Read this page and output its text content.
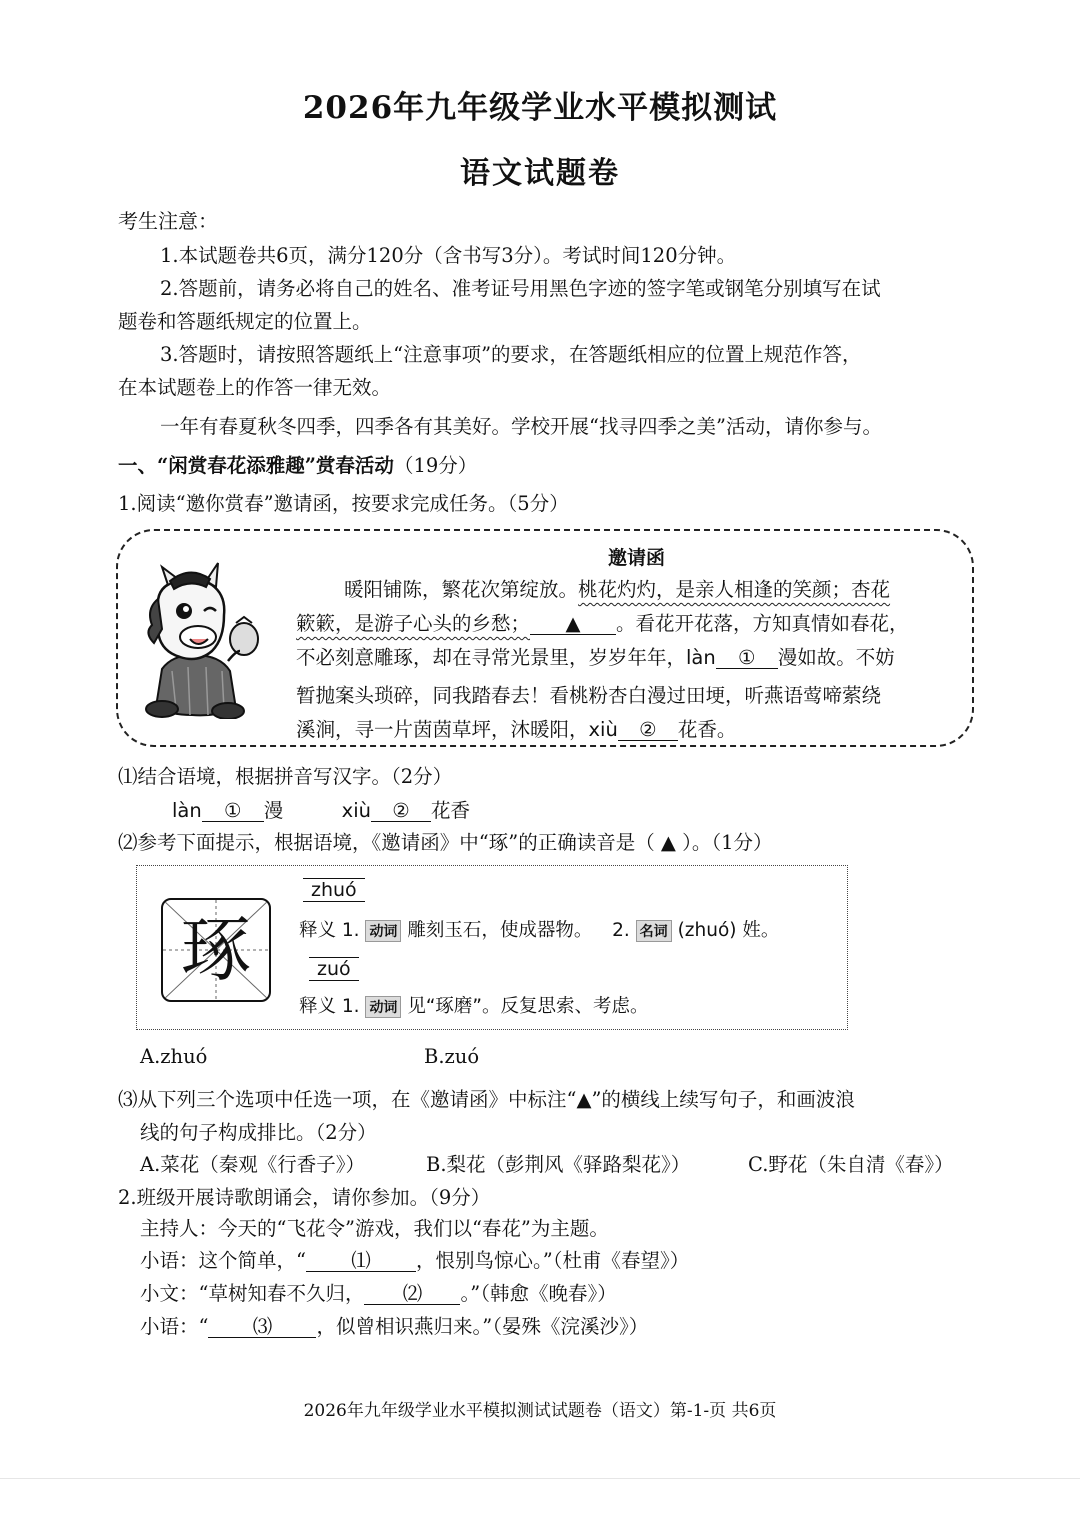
2026年九年级学业水平模拟测试
语文试题卷
考生注意：
1.本试题卷共6页，满分120分（含书写3分）。考试时间120分钟。
2.答题前，请务必将自己的姓名、准考证号用黑色字迹的签字笔或钢笔分别填写在试
题卷和答题纸规定的位置上。
3.答题时，请按照答题纸上“注意事项”的要求，在答题纸相应的位置上规范作答，
在本试题卷上的作答一律无效。
一年有春夏秋冬四季，四季各有其美好。学校开展“找寻四季之美”活动，请你参与。
一、“闲赏春花添雅趣”赏春活动（19分）
1.阅读“邀你赏春”邀请函，按要求完成任务。（5分）
邀请函
暖阳铺陈，繁花次第绽放。桃花灼灼，是亲人相逢的笑颜；杏花
簌簌，是游子心头的乡愁； ▲ 。看花开花落，方知真情如春花，
不必刻意雕琢，却在寻常光景里，岁岁年年，làn ① 漫如故。不妨
暂抛案头琐碎，同我踏春去！看桃粉杏白漫过田埂，听燕语莺啼萦绕
溪涧，寻一片茵茵草坪，沐暖阳，xiù ② 花香。
⑴结合语境，根据拼音写汉字。（2分）
làn ① 漫	xiù ② 花香
⑵参考下面提示，根据语境，《邀请函》中“琢”的正确读音是（ ▲ ）。（1分）
琢
zhuó
释义 1. 动词 雕刻玉石，使成器物。 2. 名词 (zhuó) 姓。
zuó
释义 1. 动词 见“琢磨”。反复思索、考虑。
A.zhuó	B.zuó
⑶从下列三个选项中任选一项，在《邀请函》中标注“▲”的横线上续写句子，和画波浪
线的句子构成排比。（2分）
A.菜花（秦观《行香子》）	B.梨花（彭荆风《驿路梨花》）	C.野花（朱自清《春》）
2.班级开展诗歌朗诵会，请你参加。（9分）
主持人：今天的“飞花令”游戏，我们以“春花”为主题。
小语：这个简单，“ ⑴ ，恨别鸟惊心。”（杜甫《春望》）
小文：“草树知春不久归， ⑵ 。”（韩愈《晚春》）
小语：“ ⑶ ，似曾相识燕归来。”（晏殊《浣溪沙》）
2026年九年级学业水平模拟测试试题卷（语文）第-1-页 共6页
